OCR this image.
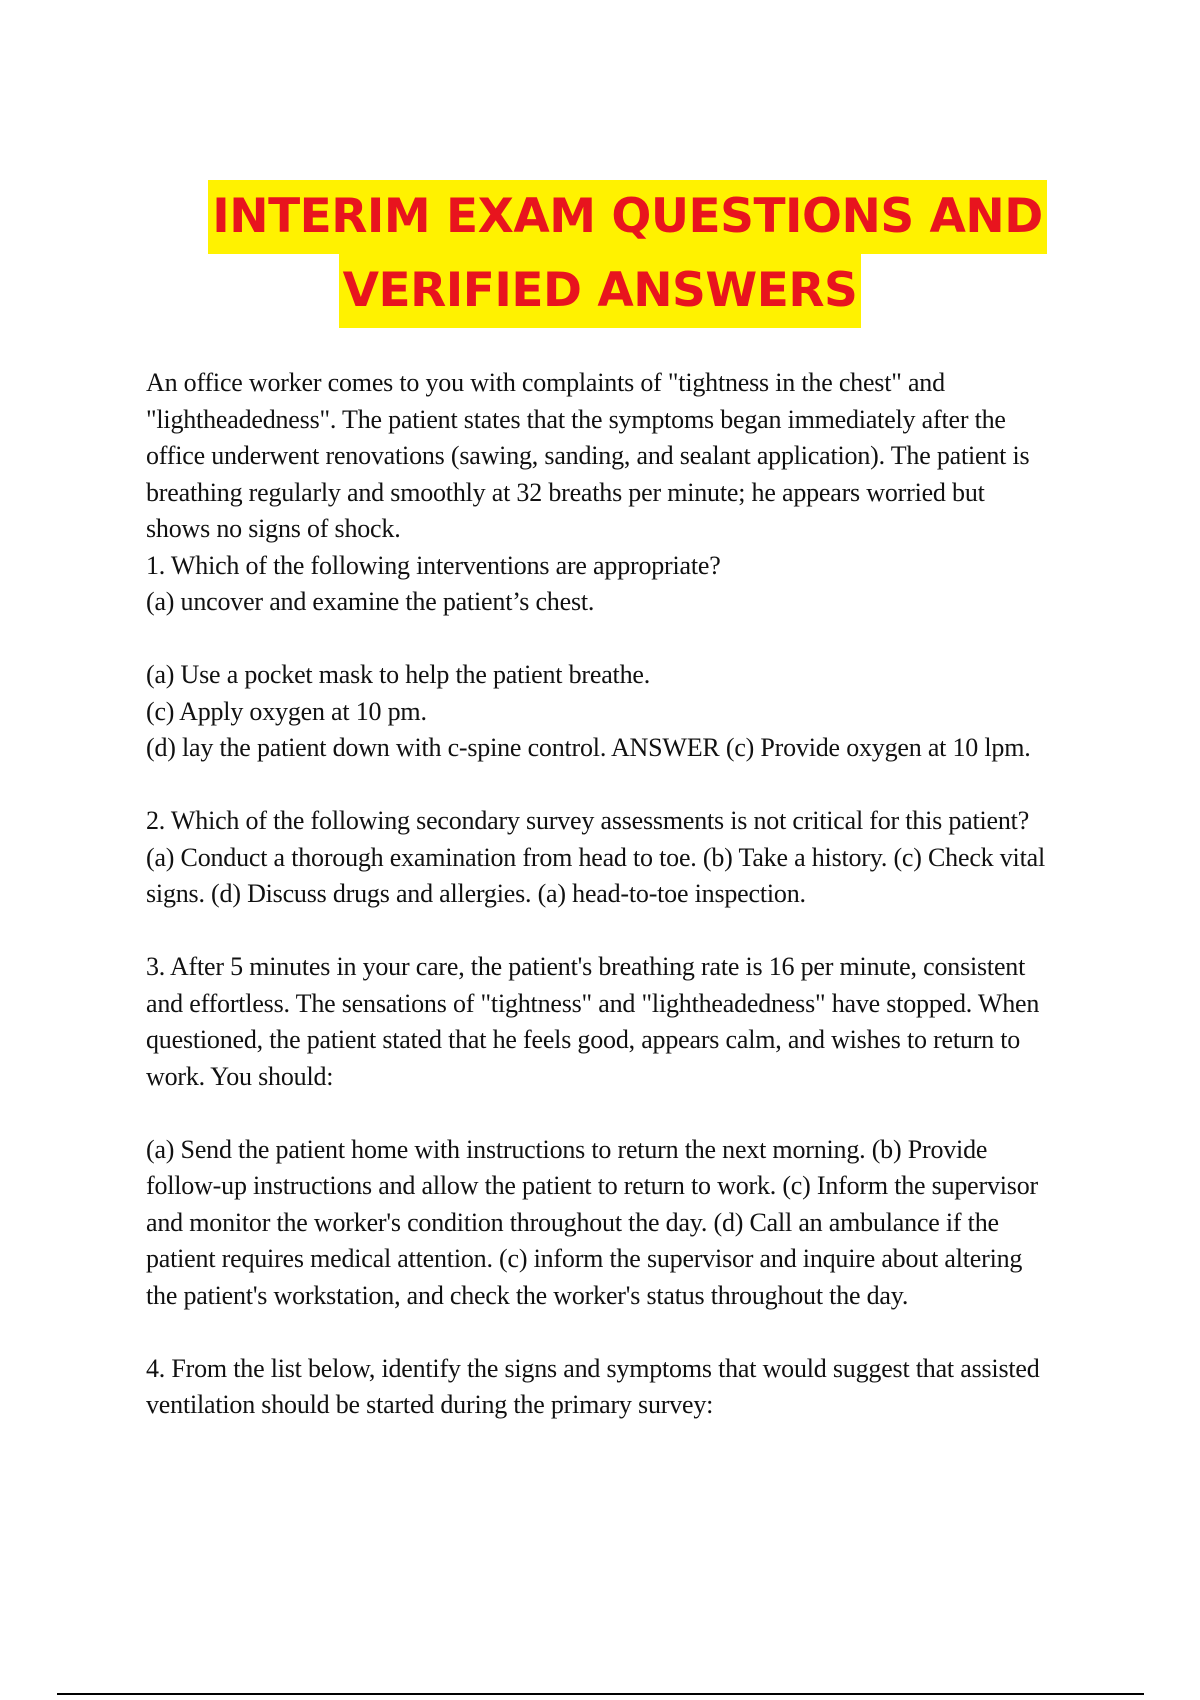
INTERIM EXAM QUESTIONS AND
VERIFIED ANSWERS

An office worker comes to you with complaints of "tightness in the chest" and "lightheadedness". The patient states that the symptoms began immediately after the office underwent renovations (sawing, sanding, and sealant application). The patient is breathing regularly and smoothly at 32 breaths per minute; he appears worried but shows no signs of shock.

1. Which of the following interventions are appropriate?

(a) uncover and examine the patient’s chest.

(a) Use a pocket mask to help the patient breathe.

(c) Apply oxygen at 10 pm.

(d) lay the patient down with c-spine control. ANSWER (c) Provide oxygen at 10 lpm.

2. Which of the following secondary survey assessments is not critical for this patient?

(a) Conduct a thorough examination from head to toe. (b) Take a history. (c) Check vital signs. (d) Discuss drugs and allergies. (a) head-to-toe inspection.

3. After 5 minutes in your care, the patient's breathing rate is 16 per minute, consistent and effortless. The sensations of "tightness" and "lightheadedness" have stopped. When questioned, the patient stated that he feels good, appears calm, and wishes to return to work. You should:

(a) Send the patient home with instructions to return the next morning. (b) Provide follow-up instructions and allow the patient to return to work. (c) Inform the supervisor and monitor the worker's condition throughout the day. (d) Call an ambulance if the patient requires medical attention. (c) inform the supervisor and inquire about altering the patient's workstation, and check the worker's status throughout the day.

4. From the list below, identify the signs and symptoms that would suggest that assisted ventilation should be started during the primary survey:
